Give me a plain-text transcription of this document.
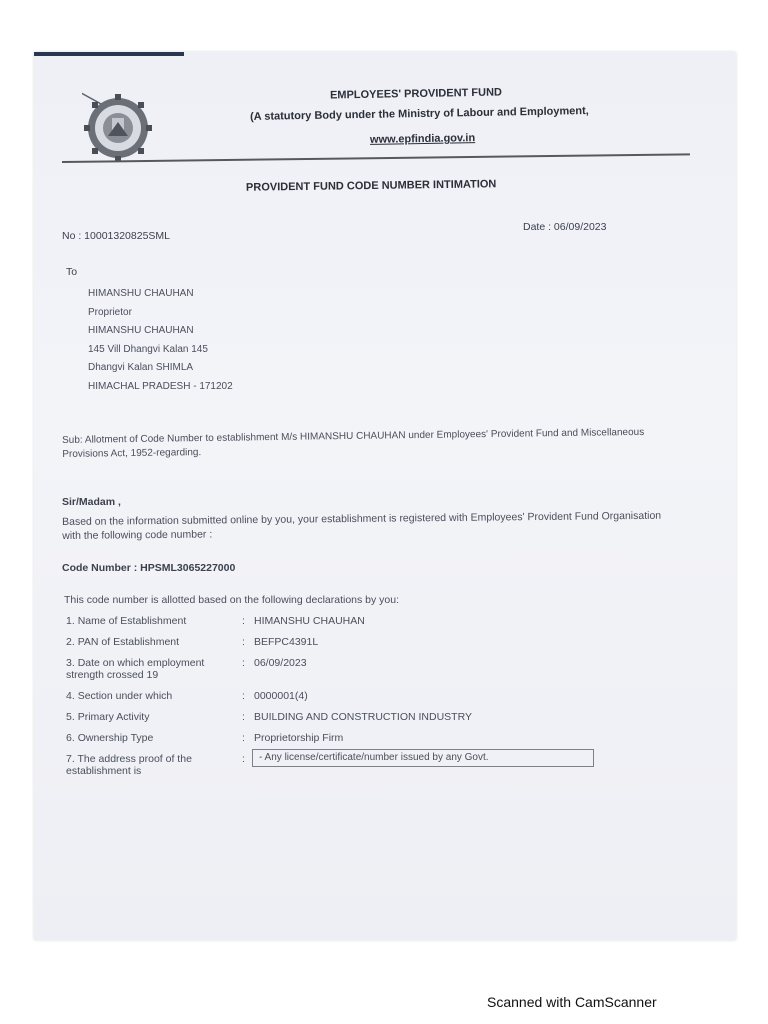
EMPLOYEES' PROVIDENT FUND
(A statutory Body under the Ministry of Labour and Employment,
www.epfindia.gov.in
PROVIDENT FUND CODE NUMBER INTIMATION
No : 10001320825SML
Date : 06/09/2023
To
HIMANSHU CHAUHAN
Proprietor
HIMANSHU CHAUHAN
145 Vill Dhangvi Kalan 145
Dhangvi Kalan SHIMLA
HIMACHAL PRADESH - 171202
Sub: Allotment of Code Number to establishment M/s HIMANSHU CHAUHAN under Employees' Provident Fund and Miscellaneous Provisions Act, 1952-regarding.
Sir/Madam ,
Based on the information submitted online by you, your establishment is registered with Employees' Provident Fund Organisation with the following code number :
Code Number : HPSML3065227000
This code number is allotted based on the following declarations by you:
1. Name of Establishment	: HIMANSHU CHAUHAN
2. PAN of Establishment	: BEFPC4391L
3. Date on which employment strength crossed 19
: 06/09/2023
4. Section under which	: 0000001(4)
5. Primary Activity	: BUILDING AND CONSTRUCTION INDUSTRY
6. Ownership Type	: Proprietorship Firm
7. The address proof of the establishment is
:	- Any license/certificate/number issued by any Govt.
Scanned with CamScanner
